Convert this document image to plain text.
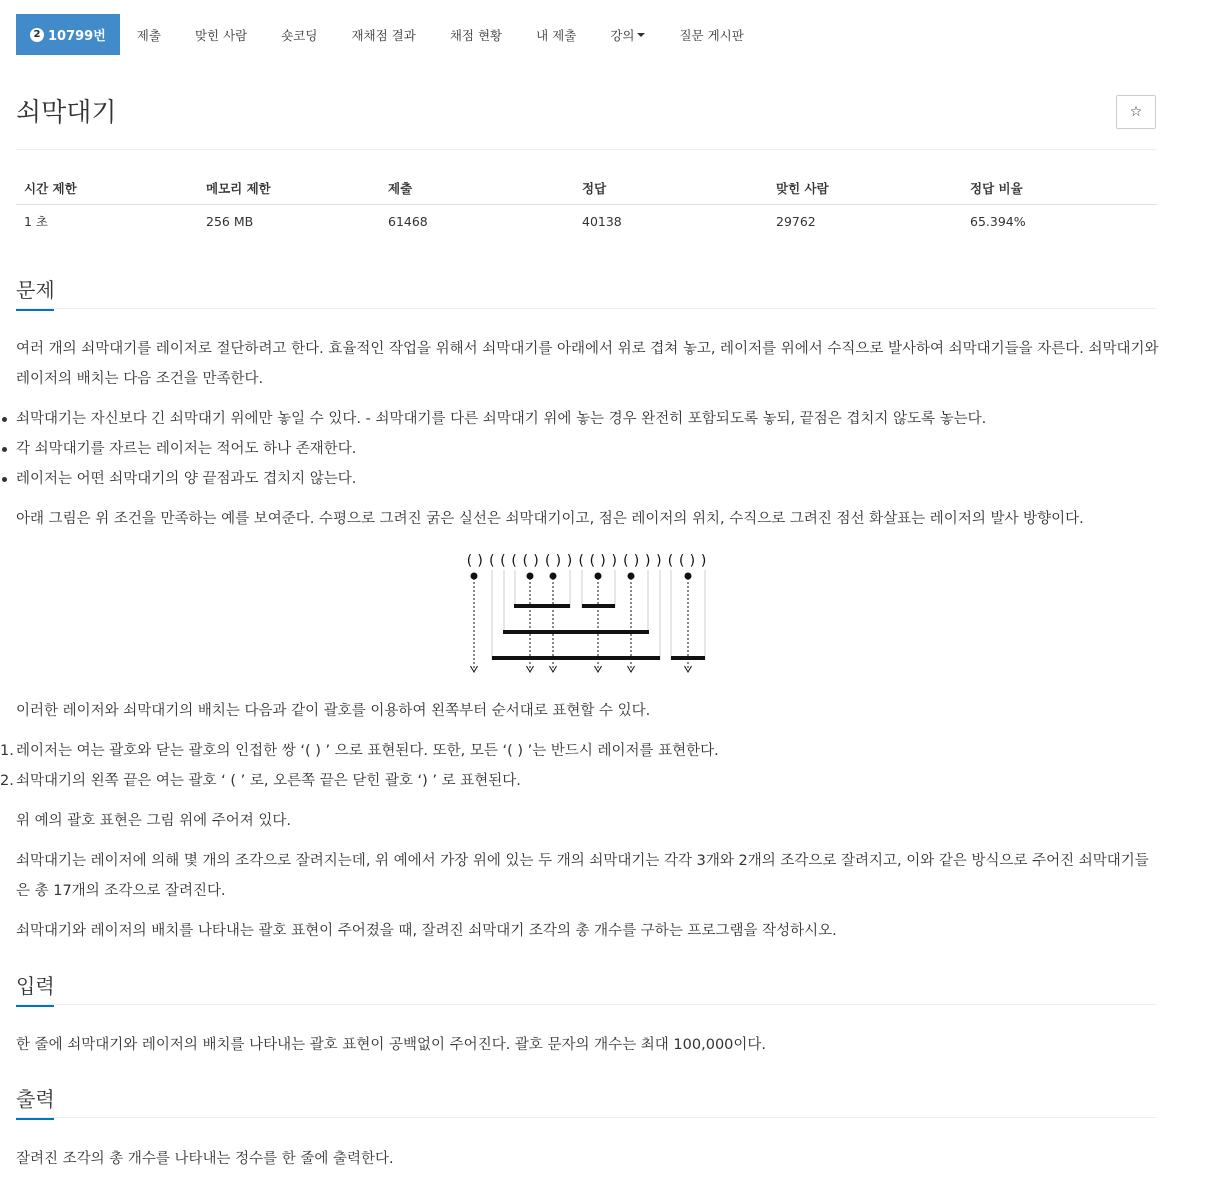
2 10799번	제출	맞힌 사람	숏코딩	재채점 결과	채점 현황	내 제출	강의	질문 게시판
쇠막대기	☆
시간 제한	메모리 제한	제출	정답	맞힌 사람	정답 비율
1 초	256 MB	61468	40138	29762	65.394%
문제

여러 개의 쇠막대기를 레이저로 절단하려고 한다. 효율적인 작업을 위해서 쇠막대기를 아래에서 위로 겹쳐 놓고, 레이저를 위에서 수직으로 발사하여 쇠막대기들을 자른다. 쇠막대기와 레이저의 배치는 다음 조건을 만족한다.

쇠막대기는 자신보다 긴 쇠막대기 위에만 놓일 수 있다. - 쇠막대기를 다른 쇠막대기 위에 놓는 경우 완전히 포함되도록 놓되, 끝점은 겹치지 않도록 놓는다.
각 쇠막대기를 자르는 레이저는 적어도 하나 존재한다.
레이저는 어떤 쇠막대기의 양 끝점과도 겹치지 않는다.

아래 그림은 위 조건을 만족하는 예를 보여준다. 수평으로 그려진 굵은 실선은 쇠막대기이고, 점은 레이저의 위치, 수직으로 그려진 점선 화살표는 레이저의 발사 방향이다.

()(((()())(())()))(())

이러한 레이저와 쇠막대기의 배치는 다음과 같이 괄호를 이용하여 왼쪽부터 순서대로 표현할 수 있다.

1. 레이저는 여는 괄호와 닫는 괄호의 인접한 쌍 ‘( ) ’ 으로 표현된다. 또한, 모든 ‘( ) ’는 반드시 레이저를 표현한다.
2. 쇠막대기의 왼쪽 끝은 여는 괄호 ‘ ( ’ 로, 오른쪽 끝은 닫힌 괄호 ‘) ’ 로 표현된다.

위 예의 괄호 표현은 그림 위에 주어져 있다.

쇠막대기는 레이저에 의해 몇 개의 조각으로 잘려지는데, 위 예에서 가장 위에 있는 두 개의 쇠막대기는 각각 3개와 2개의 조각으로 잘려지고, 이와 같은 방식으로 주어진 쇠막대기들은 총 17개의 조각으로 잘려진다.

쇠막대기와 레이저의 배치를 나타내는 괄호 표현이 주어졌을 때, 잘려진 쇠막대기 조각의 총 개수를 구하는 프로그램을 작성하시오.

입력

한 줄에 쇠막대기와 레이저의 배치를 나타내는 괄호 표현이 공백없이 주어진다. 괄호 문자의 개수는 최대 100,000이다.

출력

잘려진 조각의 총 개수를 나타내는 정수를 한 줄에 출력한다.
